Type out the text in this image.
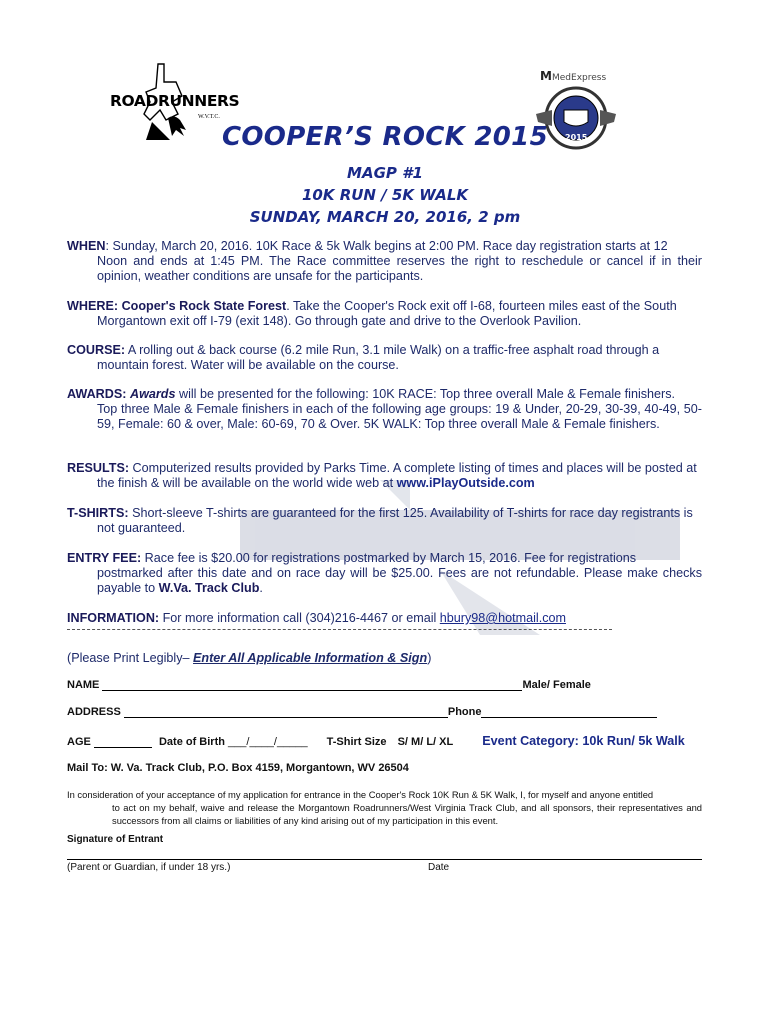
ROADRUNNERS
W.V.T.C.
M MedExpress
2015
COOPER’S ROCK 2015
MAGP #1
10K RUN / 5K WALK
SUNDAY, MARCH 20, 2016, 2 pm
WHEN: Sunday, March 20, 2016. 10K Race & 5k Walk begins at 2:00 PM. Race day registration starts at 12
Noon and ends at 1:45 PM. The Race committee reserves the right to reschedule or cancel if in their opinion, weather conditions are unsafe for the participants.
WHERE: Cooper's Rock State Forest. Take the Cooper's Rock exit off I-68, fourteen miles east of the South
Morgantown exit off I-79 (exit 148). Go through gate and drive to the Overlook Pavilion.
COURSE: A rolling out & back course (6.2 mile Run, 3.1 mile Walk) on a traffic-free asphalt road through a
mountain forest. Water will be available on the course.
AWARDS: Awards will be presented for the following: 10K RACE: Top three overall Male & Female finishers.
Top three Male & Female finishers in each of the following age groups: 19 & Under, 20-29, 30-39, 40-49, 50-59, Female: 60 & over, Male: 60-69, 70 & Over. 5K WALK: Top three overall Male & Female finishers.
RESULTS: Computerized results provided by Parks Time. A complete listing of times and places will be posted at
the finish & will be available on the world wide web at www.iPlayOutside.com
T-SHIRTS: Short-sleeve T-shirts are guaranteed for the first 125. Availability of T-shirts for race day registrants is
not guaranteed.
ENTRY FEE: Race fee is $20.00 for registrations postmarked by March 15, 2016. Fee for registrations
postmarked after this date and on race day will be $25.00. Fees are not refundable. Please make checks payable to W.Va. Track Club.
INFORMATION: For more information call (304)216-4467 or email hbury98@hotmail.com
(Please Print Legibly– Enter All Applicable Information & Sign)
NAME	Male/ Female
ADDRESS	Phone
AGE	Date of Birth ___/____/_____ T-Shirt Size S/ M/ L/ XL Event Category: 10k Run/ 5k Walk
Mail To: W. Va. Track Club, P.O. Box 4159, Morgantown, WV 26504
In consideration of your acceptance of my application for entrance in the Cooper's Rock 10K Run & 5K Walk, I, for myself and anyone entitled
to act on my behalf, waive and release the Morgantown Roadrunners/West Virginia Track Club, and all sponsors, their representatives and successors from all claims or liabilities of any kind arising out of my participation in this event.
Signature of Entrant
(Parent or Guardian, if under 18 yrs.)	Date
